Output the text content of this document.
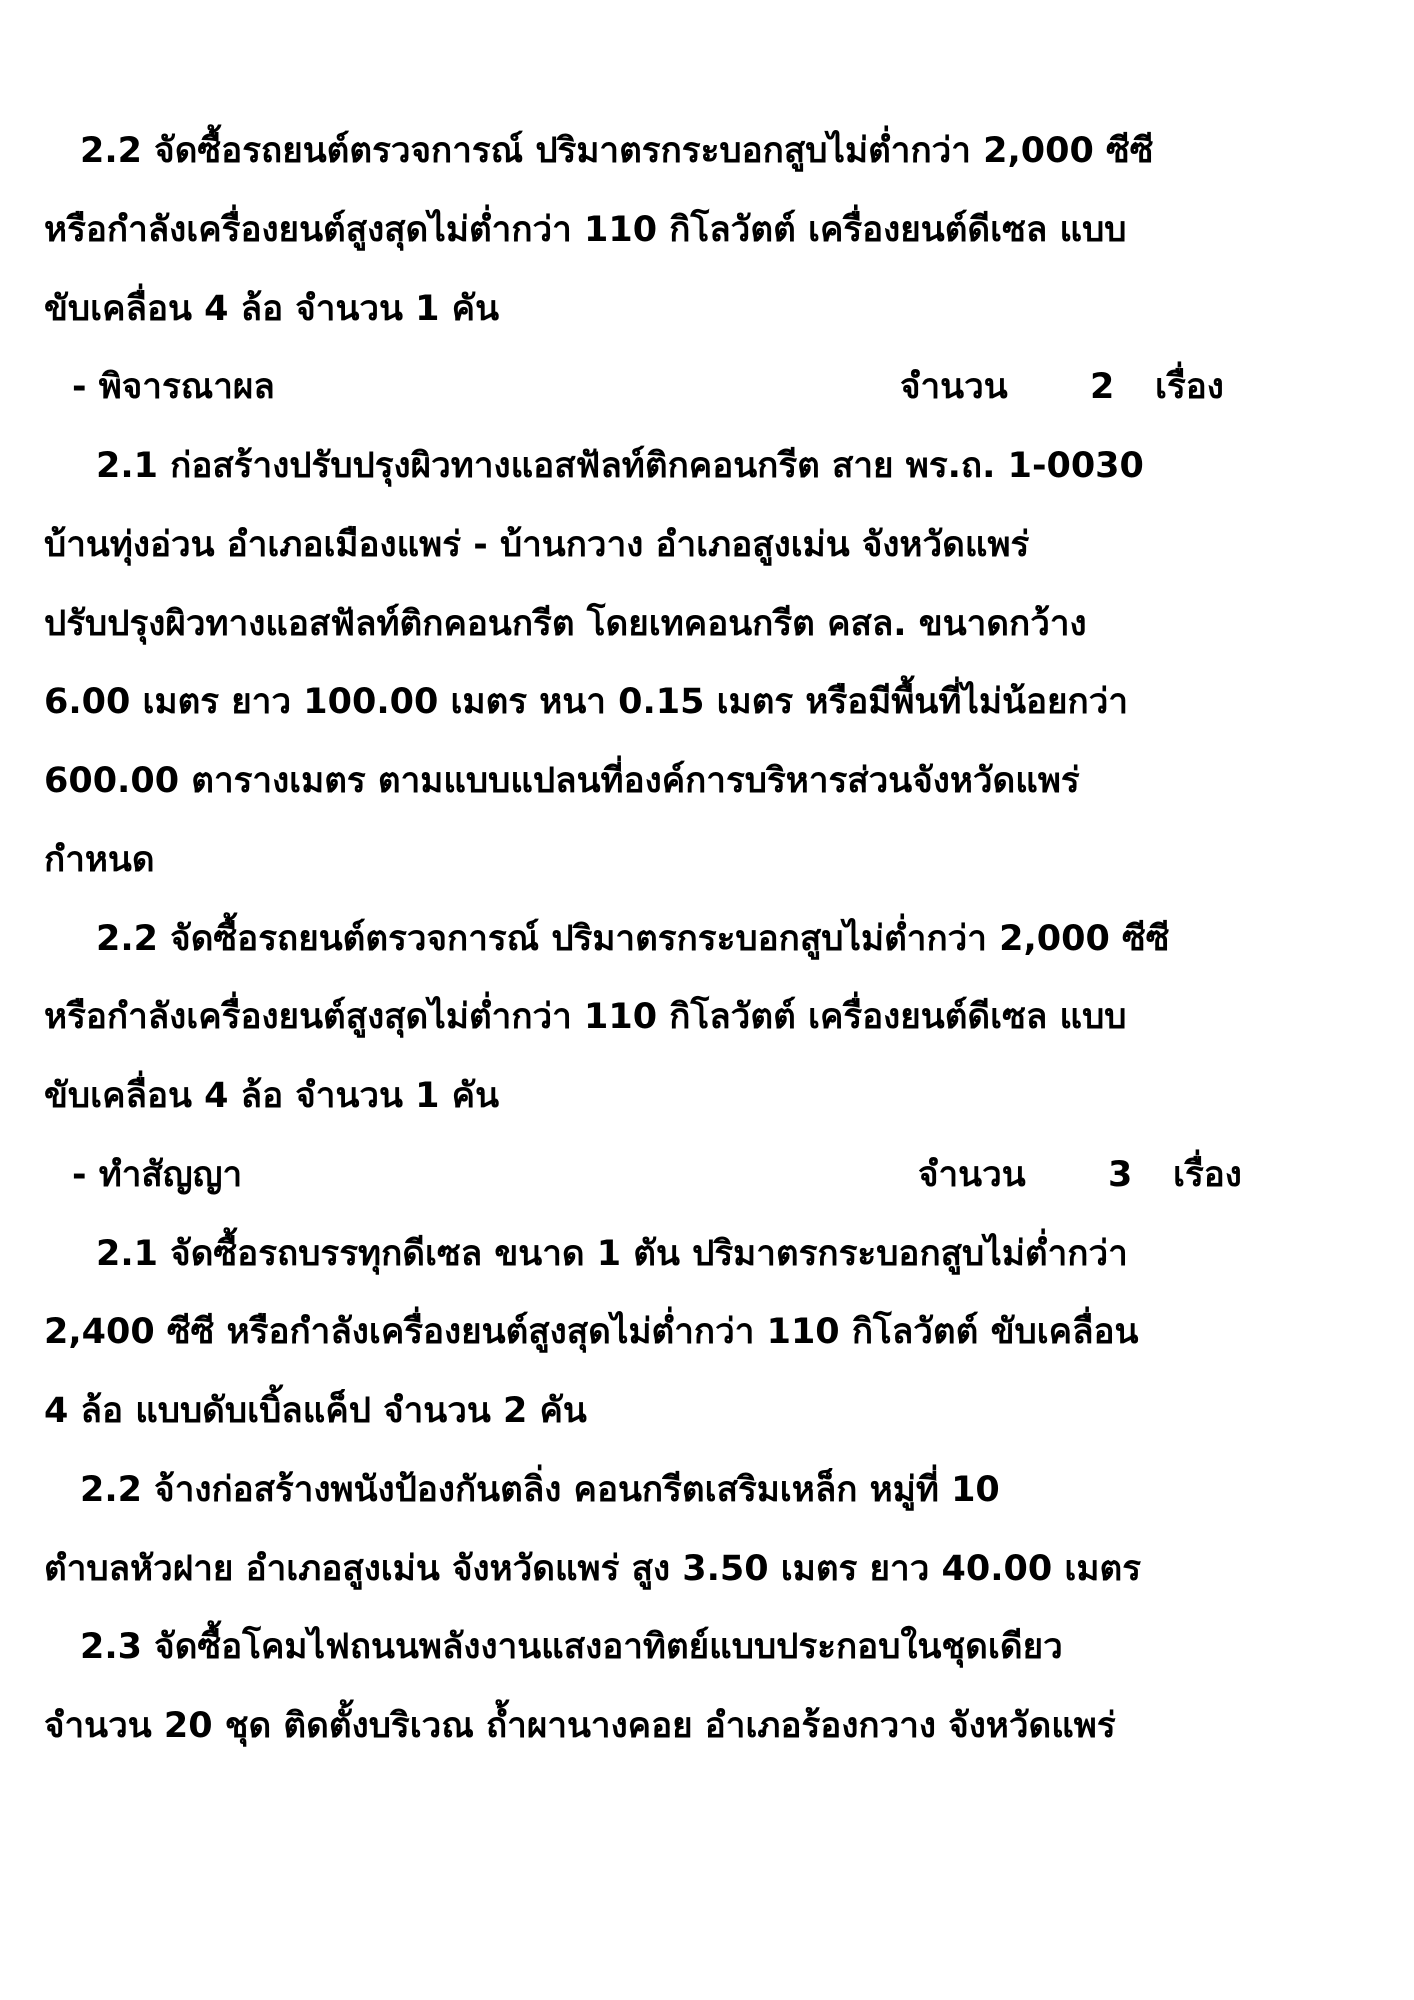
2.2 จัดซื้อรถยนต์ตรวจการณ์ ปริมาตรกระบอกสูบไม่ต่ำกว่า 2,000 ซีซี
หรือกำลังเครื่องยนต์สูงสุดไม่ต่ำกว่า 110 กิโลวัตต์ เครื่องยนต์ดีเซล แบบ
ขับเคลื่อน 4 ล้อ จำนวน 1 คัน
- พิจารณาผล	จำนวน 2 เรื่อง
2.1 ก่อสร้างปรับปรุงผิวทางแอสฟัลท์ติกคอนกรีต สาย พร.ถ. 1-0030
บ้านทุ่งอ่วน อำเภอเมืองแพร่ - บ้านกวาง อำเภอสูงเม่น จังหวัดแพร่
ปรับปรุงผิวทางแอสฟัลท์ติกคอนกรีต โดยเทคอนกรีต คสล. ขนาดกว้าง
6.00 เมตร ยาว 100.00 เมตร หนา 0.15 เมตร หรือมีพื้นที่ไม่น้อยกว่า
600.00 ตารางเมตร ตามแบบแปลนที่องค์การบริหารส่วนจังหวัดแพร่
กำหนด
2.2 จัดซื้อรถยนต์ตรวจการณ์ ปริมาตรกระบอกสูบไม่ต่ำกว่า 2,000 ซีซี
หรือกำลังเครื่องยนต์สูงสุดไม่ต่ำกว่า 110 กิโลวัตต์ เครื่องยนต์ดีเซล แบบ
ขับเคลื่อน 4 ล้อ จำนวน 1 คัน
- ทำสัญญา	จำนวน 3 เรื่อง
2.1 จัดซื้อรถบรรทุกดีเซล ขนาด 1 ตัน ปริมาตรกระบอกสูบไม่ต่ำกว่า
2,400 ซีซี หรือกำลังเครื่องยนต์สูงสุดไม่ต่ำกว่า 110 กิโลวัตต์ ขับเคลื่อน
4 ล้อ แบบดับเบิ้ลแค็ป จำนวน 2 คัน
2.2 จ้างก่อสร้างพนังป้องกันตลิ่ง คอนกรีตเสริมเหล็ก หมู่ที่ 10
ตำบลหัวฝาย อำเภอสูงเม่น จังหวัดแพร่ สูง 3.50 เมตร ยาว 40.00 เมตร
2.3 จัดซื้อโคมไฟถนนพลังงานแสงอาทิตย์แบบประกอบในชุดเดียว
จำนวน 20 ชุด ติดตั้งบริเวณ ถ้ำผานางคอย อำเภอร้องกวาง จังหวัดแพร่
